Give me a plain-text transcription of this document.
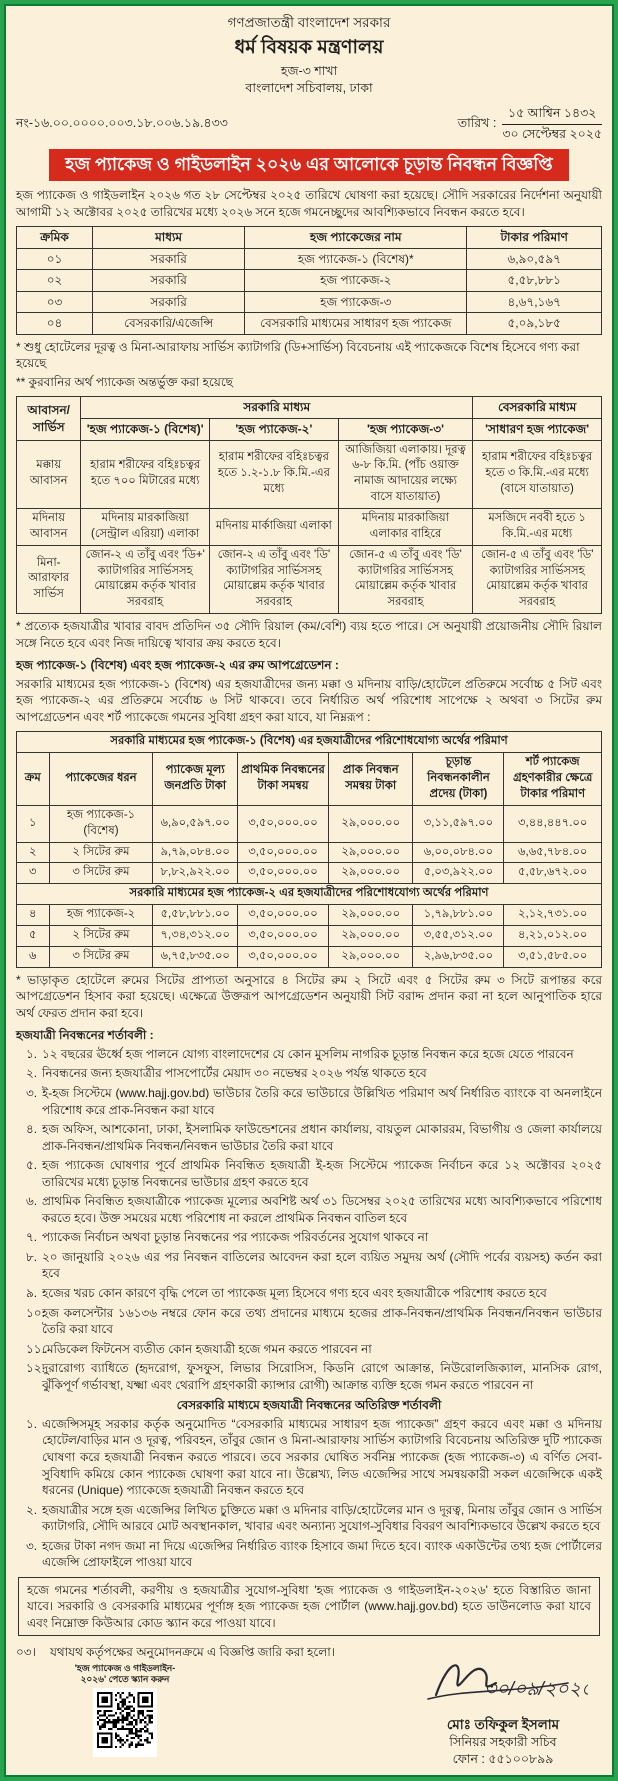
গণপ্রজাতন্ত্রী বাংলাদেশ সরকার
ধর্ম বিষয়ক মন্ত্রণালয়
হজ-৩ শাখা
বাংলাদেশ সচিবালয়, ঢাকা
নং-১৬.০০.০০০০.০০৩.১৮.০০৬.১৯.৪৩৩	তারিখ : $\frac{\text{১৫ আশ্বিন ১৪৩২}}{\text{৩০ সেপ্টেম্বর ২০২৫}}$
হজ প্যাকেজ ও গাইডলাইন ২০২৬ এর আলোকে চূড়ান্ত নিবন্ধন বিজ্ঞপ্তি
হজ প্যাকেজ ও গাইডলাইন ২০২৬ গত ২৮ সেপ্টেম্বর ২০২৫ তারিখে ঘোষণা করা হয়েছে। সৌদি সরকারের নির্দেশনা অনুযায়ী আগামী ১২ অক্টোবর ২০২৫ তারিখের মধ্যে ২০২৬ সনে হজে গমনেচ্ছুদের আবশ্যিকভাবে নিবন্ধন করতে হবে।
ক্রমিক	মাধ্যম	হজ প্যাকেজের নাম	টাকার পরিমাণ
০১	সরকারি	হজ প্যাকেজ-১ (বিশেষ)*	৬,৯০,৫৯৭
০২	সরকারি	হজ প্যাকেজ-২	৫,৫৮,৮৮১
০৩	সরকারি	হজ প্যাকেজ-৩	৪,৬৭,১৬৭
০৪	বেসরকারি/এজেন্সি	বেসরকারি মাধ্যমের সাধারণ হজ প্যাকেজ	৫,০৯,১৮৫
* শুধু হোটেলের দূরত্ব ও মিনা-আরাফায় সার্ভিস ক্যাটাগরি (ডি+সার্ভিস) বিবেচনায় এই প্যাকেজকে বিশেষ হিসেবে গণ্য করা হয়েছে
** কুরবানির অর্থ প্যাকেজ অন্তর্ভুক্ত করা হয়েছে
আবাসন/ সার্ভিস	সরকারি মাধ্যম			বেসরকারি মাধ্যম
	'হজ প্যাকেজ-১ (বিশেষ)'	'হজ প্যাকেজ-২'	'হজ প্যাকেজ-৩'	'সাধারণ হজ প্যাকেজ'
মক্কায় আবাসন	হারাম শরীফের বহিঃচত্বর হতে ৭০০ মিটারের মধ্যে	হারাম শরীফের বহিঃচত্বর হতে ১.২-১.৮ কি.মি.-এর মধ্যে	আজিজিয়া এলাকায়। দূরত্ব ৬-৮ কি.মি. (পাঁচ ওয়াক্ত নামাজ আদায়ের লক্ষ্যে বাসে যাতায়াত)	হারাম শরীফের বহিঃচত্বর হতে ৩ কি.মি.-এর মধ্যে (বাসে যাতায়াত)
মদিনায় আবাসন	মদিনায় মারকাজিয়া (সেন্ট্রাল এরিয়া) এলাকা	মদিনায় মার্কাজিয়া এলাকা	মদিনায় মারকাজিয়া এলাকার বাহিরে	মসজিদে নববী হতে ১ কি.মি.-এর মধ্যে
মিনা- আরাফার সার্ভিস	জোন-২ এ তাঁবু এবং 'ডি+' ক্যাটাগরির সার্ভিসসহ মোয়াল্লেম কর্তৃক খাবার সরবরাহ	জোন-২ এ তাঁবু এবং 'ডি' ক্যাটাগরির সার্ভিসসহ মোয়াল্লেম কর্তৃক খাবার সরবরাহ	জোন-৫ এ তাঁবু এবং 'ডি' ক্যাটাগরির সার্ভিসসহ মোয়াল্লেম কর্তৃক খাবার সরবরাহ	জোন-৫ এ তাঁবু এবং 'ডি' ক্যাটাগরির সার্ভিসসহ মোয়াল্লেম কর্তৃক খাবার সরবরাহ
* প্রত্যেক হজযাত্রীর খাবার বাবদ প্রতিদিন ৩৫ সৌদি রিয়াল (কম/বেশি) ব্যয় হতে পারে। সে অনুযায়ী প্রয়োজনীয় সৌদি রিয়াল সঙ্গে নিতে হবে এবং নিজ দায়িত্বে খাবার ক্রয় করতে হবে।
হজ প্যাকেজ-১ (বিশেষ) এবং হজ প্যাকেজ-২ এর রুম আপগ্রেডেশন :
সরকারি মাধ্যমের হজ প্যাকেজ-১ (বিশেষ) এর হজযাত্রীদের জন্য মক্কা ও মদিনায় বাড়ি/হোটেলে প্রতিরুমে সর্বোচ্চ ৫ সিট এবং হজ প্যাকেজ-২ এর প্রতিরুমে সর্বোচ্চ ৬ সিট থাকবে। তবে নির্ধারিত অর্থ পরিশোধ সাপেক্ষে ২ অথবা ৩ সিটের রুম আপগ্রেডেশন এবং শর্ট প্যাকেজে গমনের সুবিধা গ্রহণ করা যাবে, যা নিম্নরূপ :
সরকারি মাধ্যমের হজ প্যাকেজ-১ (বিশেষ) এর হজযাত্রীদের পরিশোধযোগ্য অর্থের পরিমাণ						
ক্রম	প্যাকেজের ধরন	প্যাকেজ মূল্য জনপ্রতি টাকা	প্রাথমিক নিবন্ধনের টাকা সমন্বয়	প্রাক নিবন্ধন সমন্বয় টাকা	চূড়ান্ত নিবন্ধনকালীন প্রদেয় (টাকা)	শর্ট প্যাকেজ গ্রহণকারীর ক্ষেত্রে টাকার পরিমাণ
১	হজ প্যাকেজ-১ (বিশেষ)	৬,৯০,৫৯৭.০০	৩,৫০,০০০.০০	২৯,০০০.০০	৩,১১,৫৯৭.০০	৩,৪৪,৪৪৭.০০
২	২ সিটের রুম	৯,৭৯,০৮৪.০০	৩,৫০,০০০.০০	২৯,০০০.০০	৬,০০,০৮৪.০০	৬,৬৫,৭৮৪.০০
৩	৩ সিটের রুম	৮,৮২,৯২২.০০	৩,৫০,০০০.০০	২৯,০০০.০০	৫,০৩,৯২২.০০	৫,৫৮,৬৭২.০০
সরকারি মাধ্যমের হজ প্যাকেজ-২ এর হজযাত্রীদের পরিশোধযোগ্য অর্থের পরিমাণ						
৪	হজ প্যাকেজ-২	৫,৫৮,৮৮১.০০	৩,৫০,০০০.০০	২৯,০০০.০০	১,৭৯,৮৮১.০০	২,১২,৭৩১.০০
৫	২ সিটের রুম	৭,৩৪,৩১২.০০	৩,৫০,০০০.০০	২৯,০০০.০০	৩,৫৫,৩১২.০০	৪,২১,০১২.০০
৬	৩ সিটের রুম	৬,৭৫,৮৩৫.০০	৩,৫০,০০০.০০	২৯,০০০.০০	২,৯৬,৮৩৫.০০	৩,৫১,৫৮৫.০০
* ভাড়াকৃত হোটেলে রুমের সিটের প্রাপ্যতা অনুসারে ৪ সিটের রুম ২ সিটে এবং ৫ সিটের রুম ৩ সিটে রূপান্তর করে আপগ্রেডেশন হিসাব করা হয়েছে। এক্ষেত্রে উক্তরূপ আপগ্রেডেশন অনুযায়ী সিট বরাদ্দ প্রদান করা না হলে আনুপাতিক হারে অর্থ ফেরত প্রদান করা হবে।
হজযাত্রী নিবন্ধনের শর্তাবলী :
১. ১২ বছরের ঊর্ধ্বে হজ পালনে যোগ্য বাংলাদেশের যে কোন মুসলিম নাগরিক চূড়ান্ত নিবন্ধন করে হজে যেতে পারবেন
২. নিবন্ধনের জন্য হজযাত্রীর পাসপোর্টের মেয়াদ ৩০ নভেম্বর ২০২৬ পর্যন্ত থাকতে হবে
৩. ই-হজ সিস্টেমে (www.hajj.gov.bd) ভাউচার তৈরি করে ভাউচারে উল্লিখিত পরিমাণ অর্থ নির্ধারিত ব্যাংকে বা অনলাইনে পরিশোধ করে প্রাক-নিবন্ধন করা যাবে
৪. হজ অফিস, আশকোনা, ঢাকা, ইসলামিক ফাউন্ডেশনের প্রধান কার্যালয়, বায়তুল মোকাররম, বিভাগীয় ও জেলা কার্যালয়ে প্রাক-নিবন্ধন/প্রাথমিক নিবন্ধন/নিবন্ধন ভাউচার তৈরি করা যাবে
৫. হজ প্যাকেজ ঘোষণার পূর্বে প্রাথমিক নিবন্ধিত হজযাত্রী ই-হজ সিস্টেমে প্যাকেজ নির্বাচন করে ১২ অক্টোবর ২০২৫ তারিখের মধ্যে চূড়ান্ত নিবন্ধনের ভাউচার গ্রহণ করতে হবে
৬. প্রাথমিক নিবন্ধিত হজযাত্রীকে প্যাকেজ মূল্যের অবশিষ্ট অর্থ ৩১ ডিসেম্বর ২০২৫ তারিখের মধ্যে আবশ্যিকভাবে পরিশোধ করতে হবে। উক্ত সময়ের মধ্যে পরিশোধ না করলে প্রাথমিক নিবন্ধন বাতিল হবে
৭. প্যাকেজ নির্বাচন অথবা চূড়ান্ত নিবন্ধনের পর প্যাকেজ পরিবর্তনের সুযোগ থাকবে না
৮. ২০ জানুয়ারি ২০২৬ এর পর নিবন্ধন বাতিলের আবেদন করা হলে ব্যয়িত সমুদয় অর্থ (সৌদি পর্বের ব্যয়সহ) কর্তন করা হবে
৯. হজের খরচ কোন কারণে বৃদ্ধি পেলে তা প্যাকেজ মূল্য হিসেবে গণ্য হবে এবং হজযাত্রীকে পরিশোধ করতে হবে
১০.
হজ কলসেন্টার ১৬১৩৬ নম্বরে ফোন করে তথ্য প্রদানের মাধ্যমে হজের প্রাক-নিবন্ধন/প্রাথমিক নিবন্ধন/নিবন্ধন ভাউচার তৈরি করা যাবে
১১.
মেডিকেল ফিটনেস ব্যতীত কোন হজযাত্রী হজে গমন করতে পারবেন না
১২.
দুরারোগ্য ব্যাধিতে (হৃদরোগ, ফুসফুস, লিভার সিরোসিস, কিডনি রোগে আক্রান্ত, নিউরোলজিক্যাল, মানসিক রোগ, ঝুঁকিপূর্ণ গর্ভাবস্থা, যক্ষ্মা এবং থেরাপি গ্রহণকারী ক্যান্সার রোগী) আক্রান্ত ব্যক্তি হজে গমন করতে পারবেন না
বেসরকারি মাধ্যমে হজযাত্রী নিবন্ধনের অতিরিক্ত শর্তাবলী
১. এজেন্সিসমূহ সরকার কর্তৃক অনুমোদিত “বেসরকারি মাধ্যমের সাধারণ হজ প্যাকেজ” গ্রহণ করবে এবং মক্কা ও মদিনায় হোটেল/বাড়ির মান ও দূরত্ব, পরিবহন, তাঁবুর জোন ও মিনা-আরাফায় সার্ভিস ক্যাটাগরি বিবেচনায় অতিরিক্ত দুটি প্যাকেজ ঘোষণা করে হজযাত্রী নিবন্ধন করতে পারবে। তবে সরকার ঘোষিত সর্বনিম্ন প্যাকেজ (হজ প্যাকেজ-৩) এ বর্ণিত সেবা-সুবিধাদি কমিয়ে কোন প্যাকেজ ঘোষণা করা যাবে না। উল্লেখ্য, লিড এজেন্সির সাথে সমন্বয়কারী সকল এজেন্সিকে একই ধরনের (Unique) প্যাকেজে হজযাত্রী নিবন্ধন করতে হবে
২. হজযাত্রীর সঙ্গে হজ এজেন্সির লিখিত চুক্তিতে মক্কা ও মদিনার বাড়ি/হোটেলের মান ও দূরত্ব, মিনায় তাঁবুর জোন ও সার্ভিস ক্যাটাগরি, সৌদি আরবে মোট অবস্থানকাল, খাবার এবং অন্যান্য সুযোগ-সুবিধার বিবরণ আবশ্যিকভাবে উল্লেখ করতে হবে
৩. হজের টাকা নগদ জমা না দিয়ে এজেন্সির নির্ধারিত ব্যাংক হিসাবে জমা দিতে হবে। ব্যাংক একাউন্টের তথ্য হজ পোর্টালের এজেন্সি প্রোফাইলে পাওয়া যাবে
হজে গমনের শর্তাবলী, করণীয় ও হজযাত্রীর সুযোগ-সুবিধা 'হজ প্যাকেজ ও গাইডলাইন-২০২৬' হতে বিস্তারিত জানা যাবে। সরকারি ও বেসরকারি মাধ্যমের পূর্ণাঙ্গ হজ প্যাকেজ হজ পোর্টাল (www.hajj.gov.bd) হতে ডাউনলোড করা যাবে এবং নিম্নোক্ত কিউআর কোড স্ক্যান করে পাওয়া যাবে।
০৩।	যথাযথ কর্তৃপক্ষের অনুমোদনক্রমে এ বিজ্ঞপ্তি জারি করা হলো।
'হজ প্যাকেজ ও গাইডলাইন-
২০২৬' পেতে স্ক্যান করুন	৩০/০৯/২০২৫
মোঃ তফিকুল ইসলাম
সিনিয়র সহকারী সচিব
ফোন : ৫৫১০০৮৯৯
